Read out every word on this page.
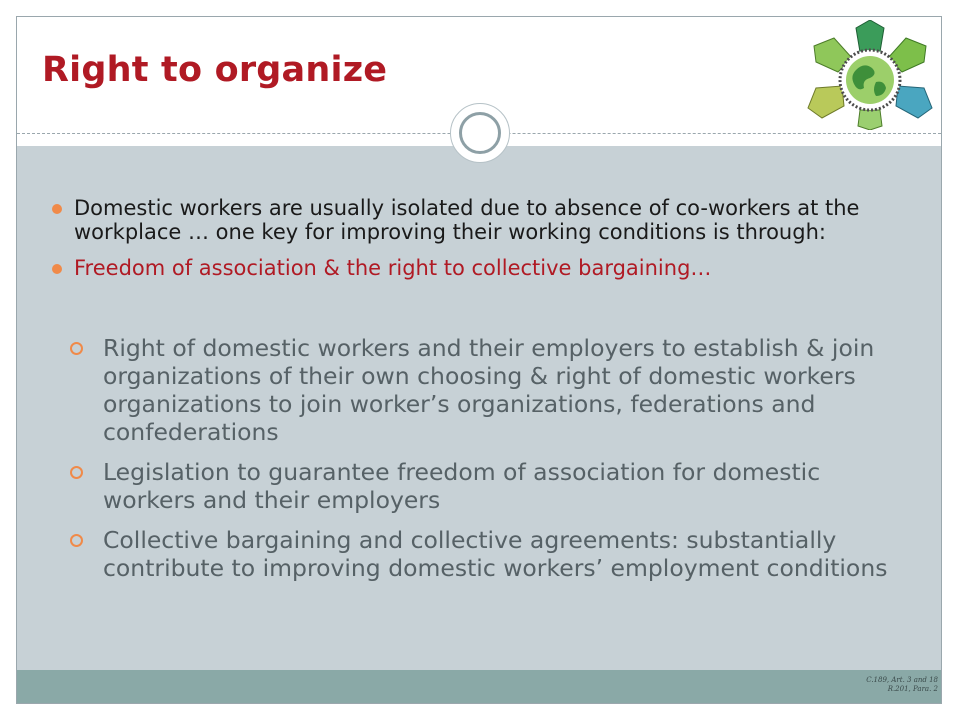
Right to organize
Domestic workers are usually isolated due to absence of co-workers at the workplace … one key for improving their working conditions is through:
Freedom of association & the right to collective bargaining…
Right of domestic workers and their employers to establish & join organizations of their own choosing & right of domestic workers organizations to join worker’s organizations, federations and confederations
Legislation to guarantee freedom of association for domestic workers and their employers
Collective bargaining and collective agreements: substantially contribute to improving domestic workers’ employment conditions
C.189, Art. 3 and 18
R.201, Para. 2
